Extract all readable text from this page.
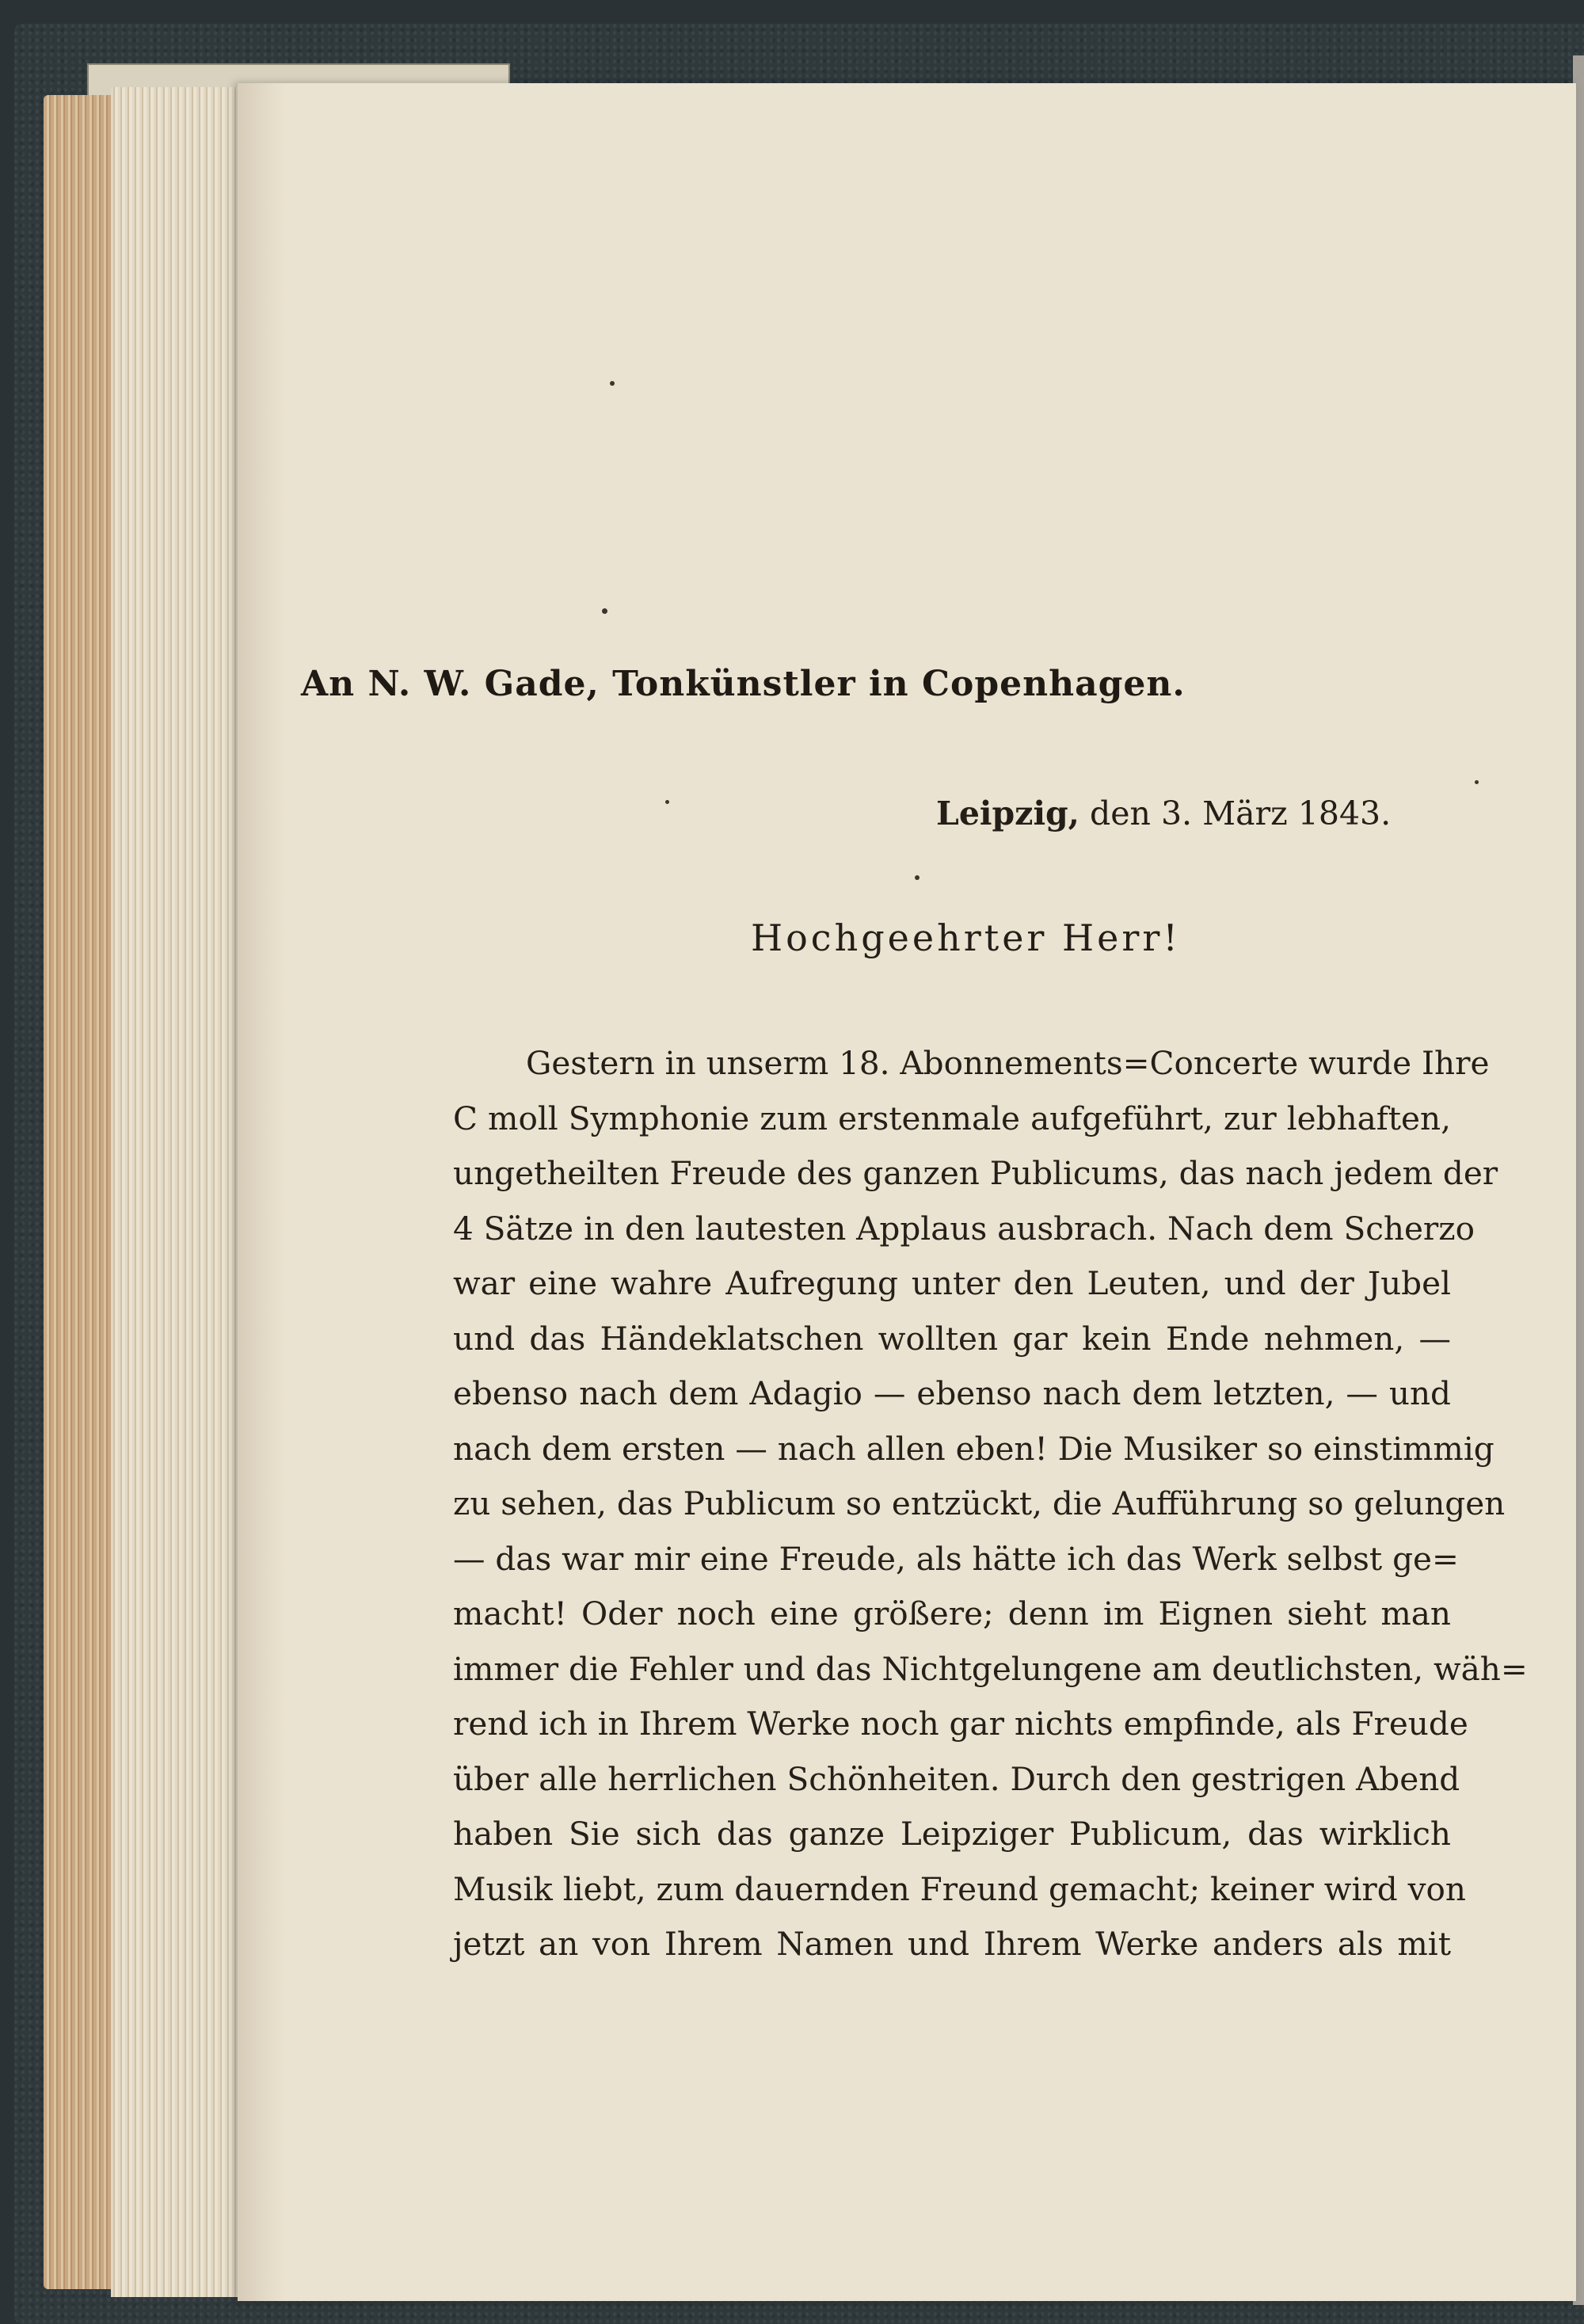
An N. W. Gade, Tonkünstler in Copenhagen.
Leipzig, den 3. März 1843.
Hochgeehrter Herr!
Gestern in unserm 18. Abonnements=Concerte wurde Ihre
C moll Symphonie zum erstenmale aufgeführt, zur lebhaften,
ungetheilten Freude des ganzen Publicums, das nach jedem der
4 Sätze in den lautesten Applaus ausbrach. Nach dem Scherzo
war eine wahre Aufregung unter den Leuten, und der Jubel
und das Händeklatschen wollten gar kein Ende nehmen, —
ebenso nach dem Adagio — ebenso nach dem letzten, — und
nach dem ersten — nach allen eben! Die Musiker so einstimmig
zu sehen, das Publicum so entzückt, die Aufführung so gelungen
— das war mir eine Freude, als hätte ich das Werk selbst ge=
macht! Oder noch eine größere; denn im Eignen sieht man
immer die Fehler und das Nichtgelungene am deutlichsten, wäh=
rend ich in Ihrem Werke noch gar nichts empfinde, als Freude
über alle herrlichen Schönheiten. Durch den gestrigen Abend
haben Sie sich das ganze Leipziger Publicum, das wirklich
Musik liebt, zum dauernden Freund gemacht; keiner wird von
jetzt an von Ihrem Namen und Ihrem Werke anders als mit
